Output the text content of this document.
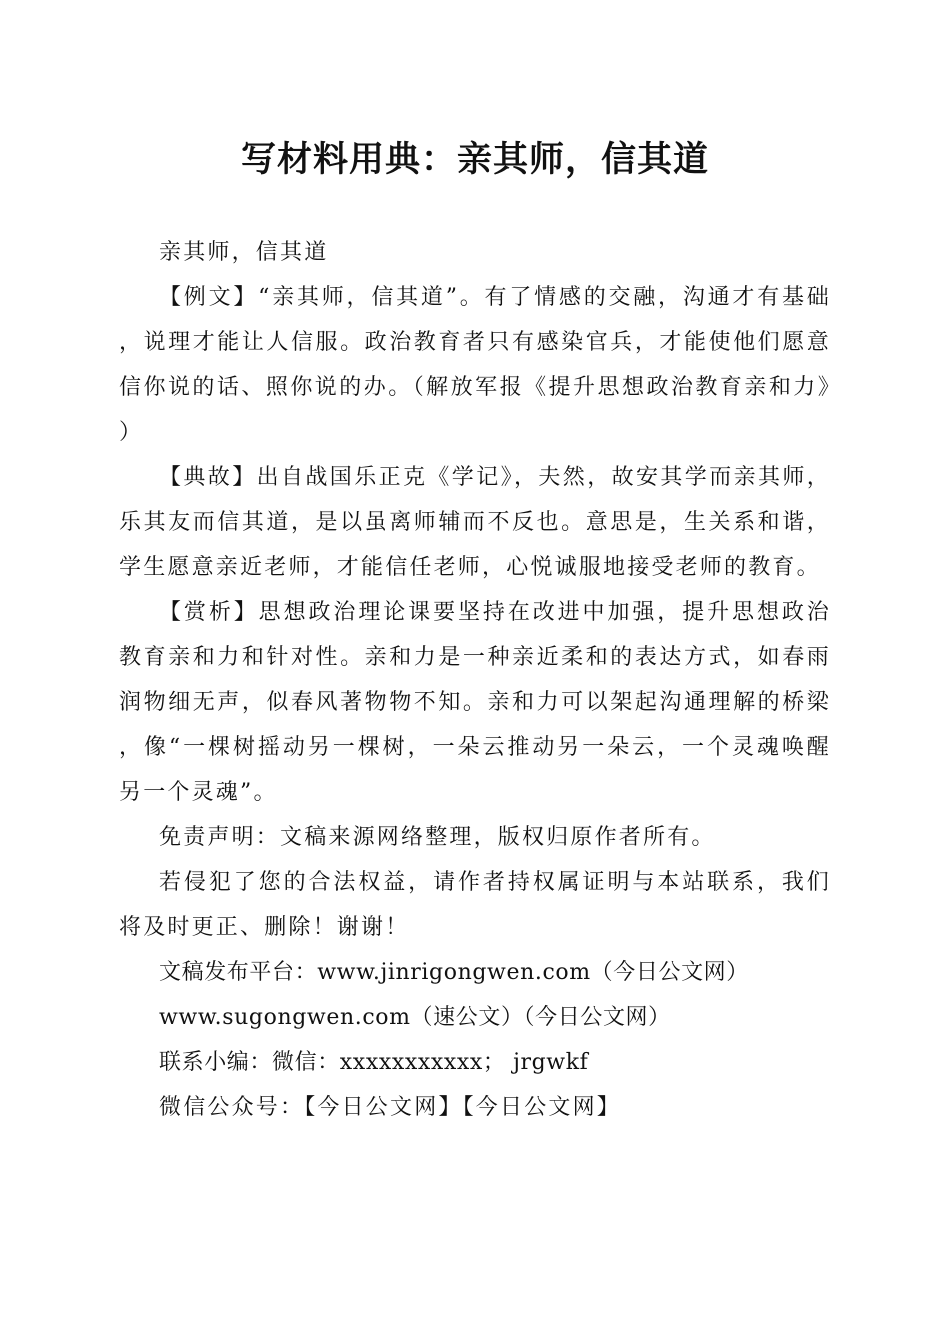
写材料用典：亲其师，信其道

亲其师，信其道

【例文】“亲其师，信其道”。有了情感的交融，沟通才有基础，说理才能让人信服。政治教育者只有感染官兵，才能使他们愿意信你说的话、照你说的办。（解放军报《提升思想政治教育亲和力》）

【典故】出自战国乐正克《学记》，夫然，故安其学而亲其师，乐其友而信其道，是以虽离师辅而不反也。意思是，生关系和谐，学生愿意亲近老师，才能信任老师，心悦诚服地接受老师的教育。

【赏析】思想政治理论课要坚持在改进中加强，提升思想政治教育亲和力和针对性。亲和力是一种亲近柔和的表达方式，如春雨润物细无声，似春风著物物不知。亲和力可以架起沟通理解的桥梁，像“一棵树摇动另一棵树，一朵云推动另一朵云，一个灵魂唤醒另一个灵魂”。

免责声明：文稿来源网络整理，版权归原作者所有。

若侵犯了您的合法权益，请作者持权属证明与本站联系，我们将及时更正、删除！谢谢！

文稿发布平台：www.jinrigongwen.com（今日公文网）

www.sugongwen.com（速公文）（今日公文网）

联系小编：微信：xxxxxxxxxxx； jrgwkf

微信公众号：【今日公文网】【今日公文网】
